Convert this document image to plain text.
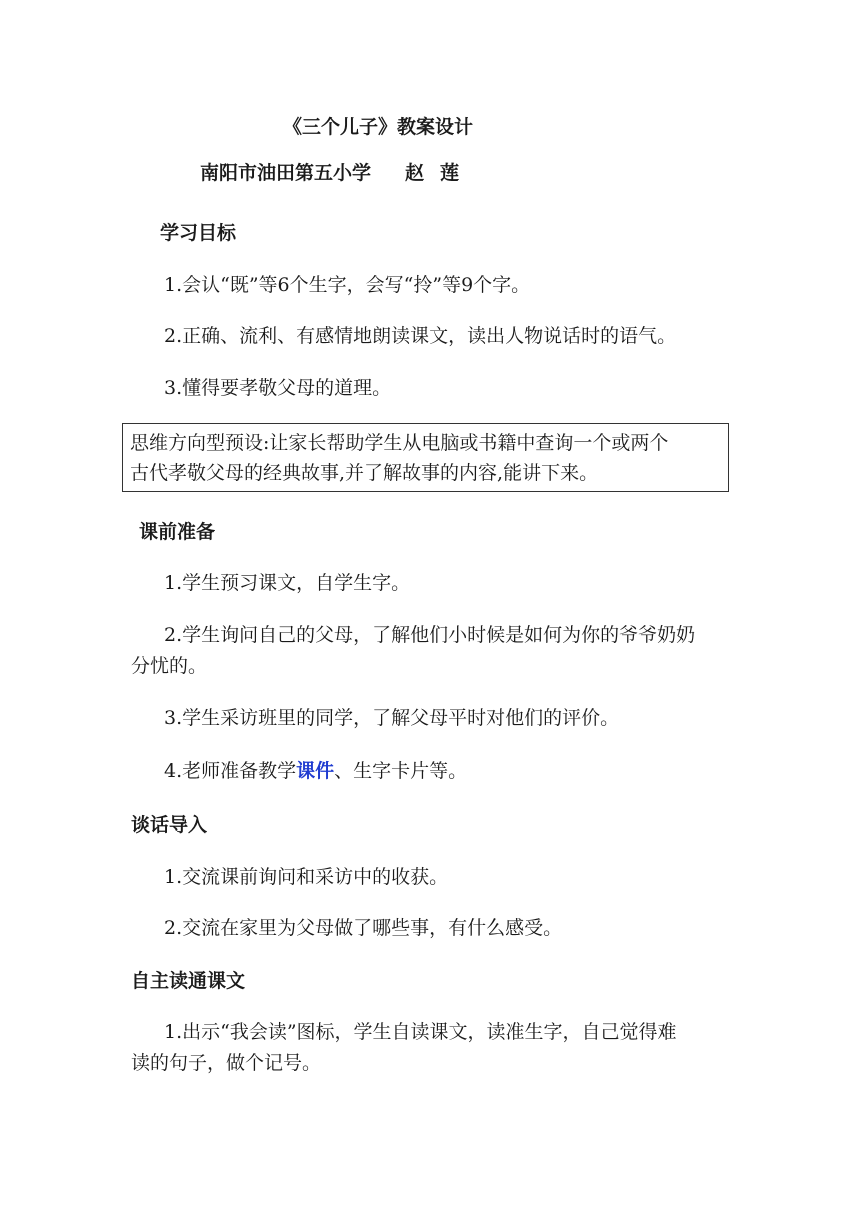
《三个儿子》教案设计
南阳市油田第五小学 赵莲
学习目标
1.会认“既”等6个生字，会写“拎”等9个字。
2.正确、流利、有感情地朗读课文，读出人物说话时的语气。
3.懂得要孝敬父母的道理。
思维方向型预设:让家长帮助学生从电脑或书籍中查询一个或两个
古代孝敬父母的经典故事,并了解故事的内容,能讲下来。
课前准备
1.学生预习课文，自学生字。
2.学生询问自己的父母，了解他们小时候是如何为你的爷爷奶奶
分忧的。
3.学生采访班里的同学，了解父母平时对他们的评价。
4.老师准备教学课件、生字卡片等。
谈话导入
1.交流课前询问和采访中的收获。
2.交流在家里为父母做了哪些事，有什么感受。
自主读通课文
1.出示“我会读”图标，学生自读课文，读准生字，自己觉得难
读的句子，做个记号。
